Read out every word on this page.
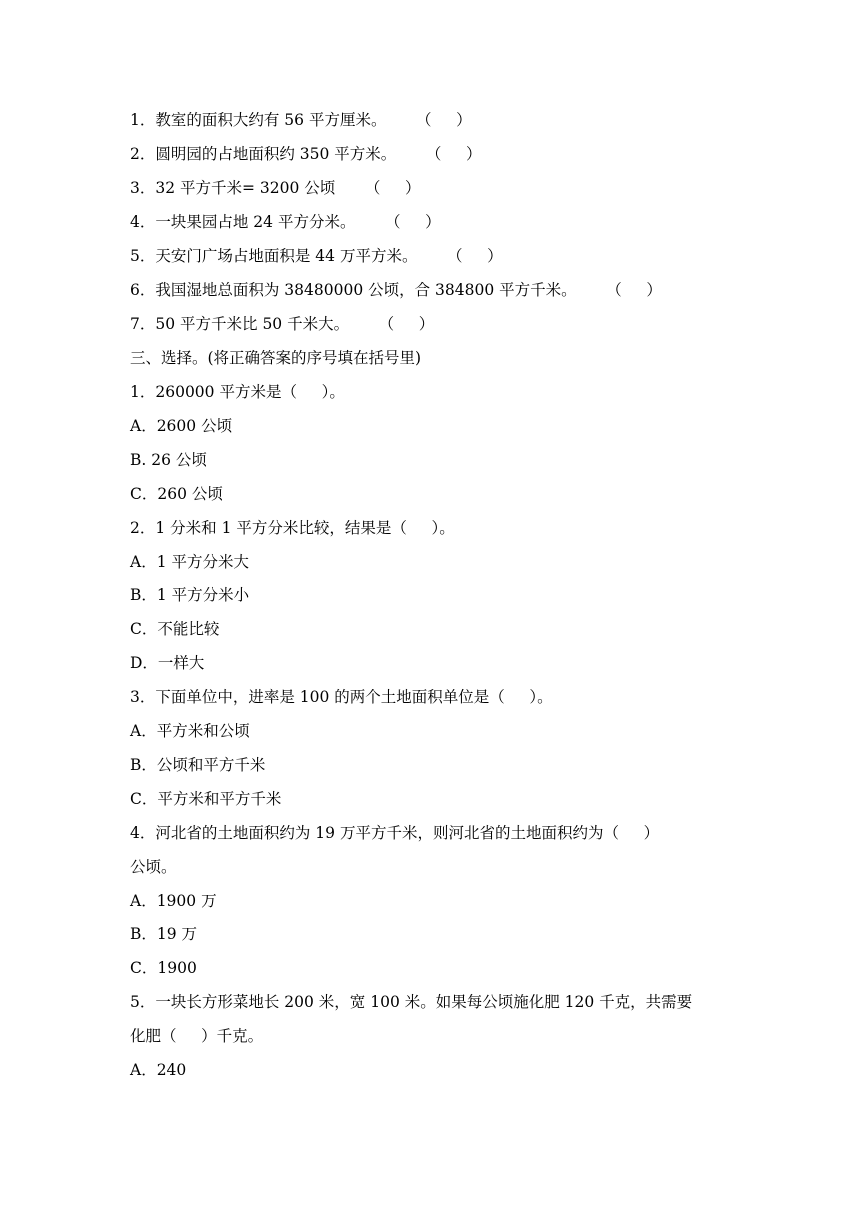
1．教室的面积大约有 56 平方厘米。      （     ）
2．圆明园的占地面积约 350 平方米。      （     ）
3．32 平方千米= 3200 公顷      （     ）
4．一块果园占地 24 平方分米。      （     ）
5．天安门广场占地面积是 44 万平方米。      （     ）
6．我国湿地总面积为 38480000 公顷，合 384800 平方千米。      （     ）
7．50 平方千米比 50 千米大。      （     ）
三、选择。(将正确答案的序号填在括号里)
1．260000 平方米是（     ）。
A．2600 公顷
B. 26 公顷
C．260 公顷
2．1 分米和 1 平方分米比较，结果是（     ）。
A．1 平方分米大
B．1 平方分米小
C．不能比较
D．一样大
3．下面单位中，进率是 100 的两个土地面积单位是（     ）。
A．平方米和公顷
B．公顷和平方千米
C．平方米和平方千米
4．河北省的土地面积约为 19 万平方千米，则河北省的土地面积约为（     ）
公顷。
A．1900 万
B．19 万
C．1900
5．一块长方形菜地长 200 米，宽 100 米。如果每公顷施化肥 120 千克，共需要
化肥（     ）千克。
A．240
